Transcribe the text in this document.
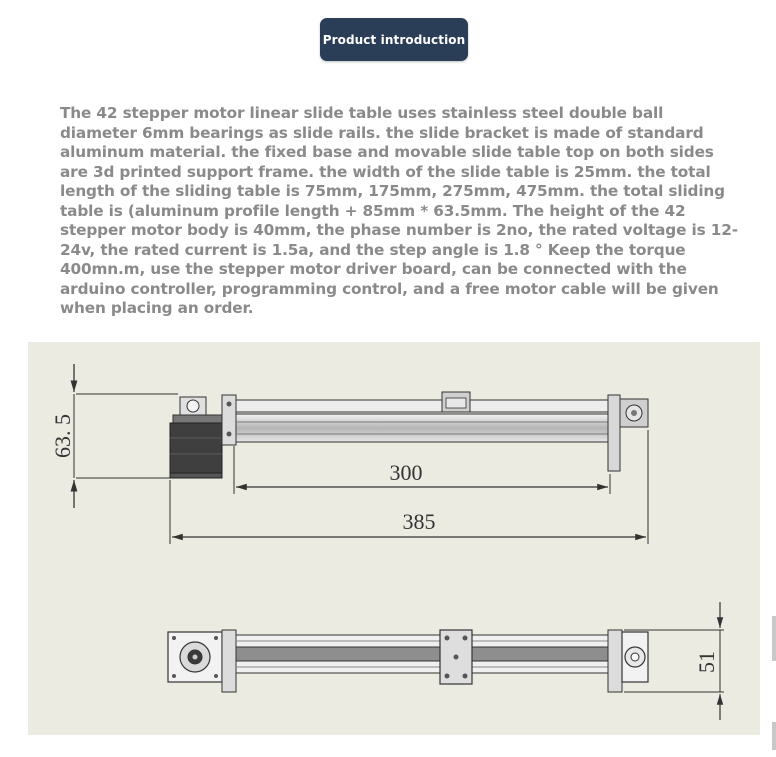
Product introduction

The 42 stepper motor linear slide table uses stainless steel double ball diameter 6mm bearings as slide rails. the slide bracket is made of standard aluminum material. the fixed base and movable slide table top on both sides are 3d printed support frame. the width of the slide table is 25mm. the total length of the sliding table is 75mm, 175mm, 275mm, 475mm. the total sliding table is (aluminum profile length + 85mm * 63.5mm. The height of the 42 stepper motor body is 40mm, the phase number is 2no, the rated voltage is 12-24v, the rated current is 1.5a, and the step angle is 1.8 ° Keep the torque 400mn.m, use the stepper motor driver board, can be connected with the arduino controller, programming control, and a free motor cable will be given when placing an order.

63. 5
300
385
51
